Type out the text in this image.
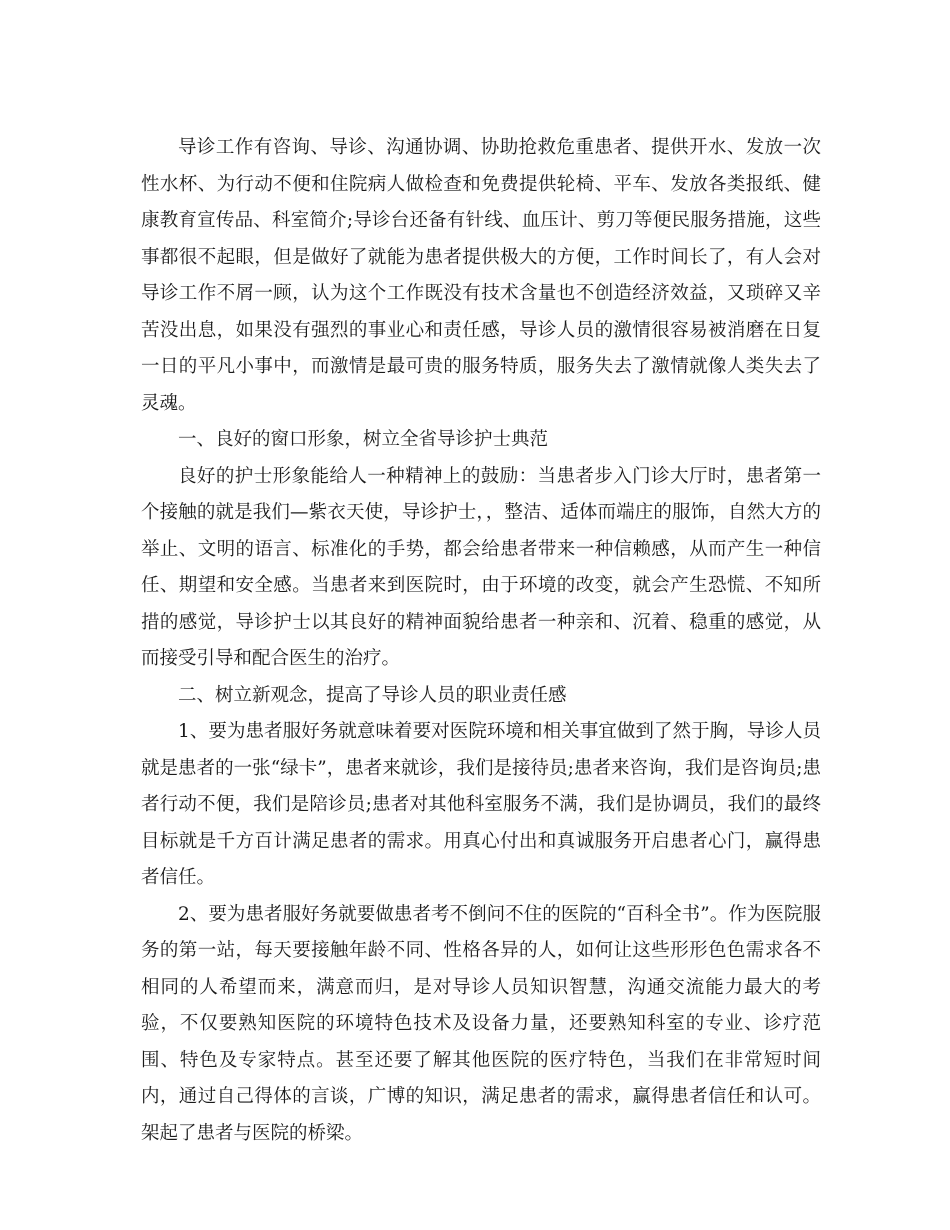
导诊工作有咨询、导诊、沟通协调、协助抢救危重患者、提供开水、发放一次性水杯、为行动不便和住院病人做检查和免费提供轮椅、平车、发放各类报纸、健康教育宣传品、科室简介;导诊台还备有针线、血压计、剪刀等便民服务措施，这些事都很不起眼，但是做好了就能为患者提供极大的方便，工作时间长了，有人会对导诊工作不屑一顾，认为这个工作既没有技术含量也不创造经济效益，又琐碎又辛苦没出息，如果没有强烈的事业心和责任感，导诊人员的激情很容易被消磨在日复一日的平凡小事中，而激情是最可贵的服务特质，服务失去了激情就像人类失去了灵魂。

一、良好的窗口形象，树立全省导诊护士典范

良好的护士形象能给人一种精神上的鼓励：当患者步入门诊大厅时，患者第一个接触的就是我们—紫衣天使，导诊护士，，整洁、适体而端庄的服饰，自然大方的举止、文明的语言、标准化的手势，都会给患者带来一种信赖感，从而产生一种信任、期望和安全感。当患者来到医院时，由于环境的改变，就会产生恐慌、不知所措的感觉，导诊护士以其良好的精神面貌给患者一种亲和、沉着、稳重的感觉，从而接受引导和配合医生的治疗。

二、树立新观念，提高了导诊人员的职业责任感

1、要为患者服好务就意味着要对医院环境和相关事宜做到了然于胸，导诊人员就是患者的一张“绿卡”，患者来就诊，我们是接待员;患者来咨询，我们是咨询员;患者行动不便，我们是陪诊员;患者对其他科室服务不满，我们是协调员，我们的最终目标就是千方百计满足患者的需求。用真心付出和真诚服务开启患者心门，赢得患者信任。

2、要为患者服好务就要做患者考不倒问不住的医院的“百科全书”。作为医院服务的第一站，每天要接触年龄不同、性格各异的人，如何让这些形形色色需求各不相同的人希望而来，满意而归，是对导诊人员知识智慧，沟通交流能力最大的考验，不仅要熟知医院的环境特色技术及设备力量，还要熟知科室的专业、诊疗范围、特色及专家特点。甚至还要了解其他医院的医疗特色，当我们在非常短时间内，通过自己得体的言谈，广博的知识，满足患者的需求，赢得患者信任和认可。架起了患者与医院的桥梁。
